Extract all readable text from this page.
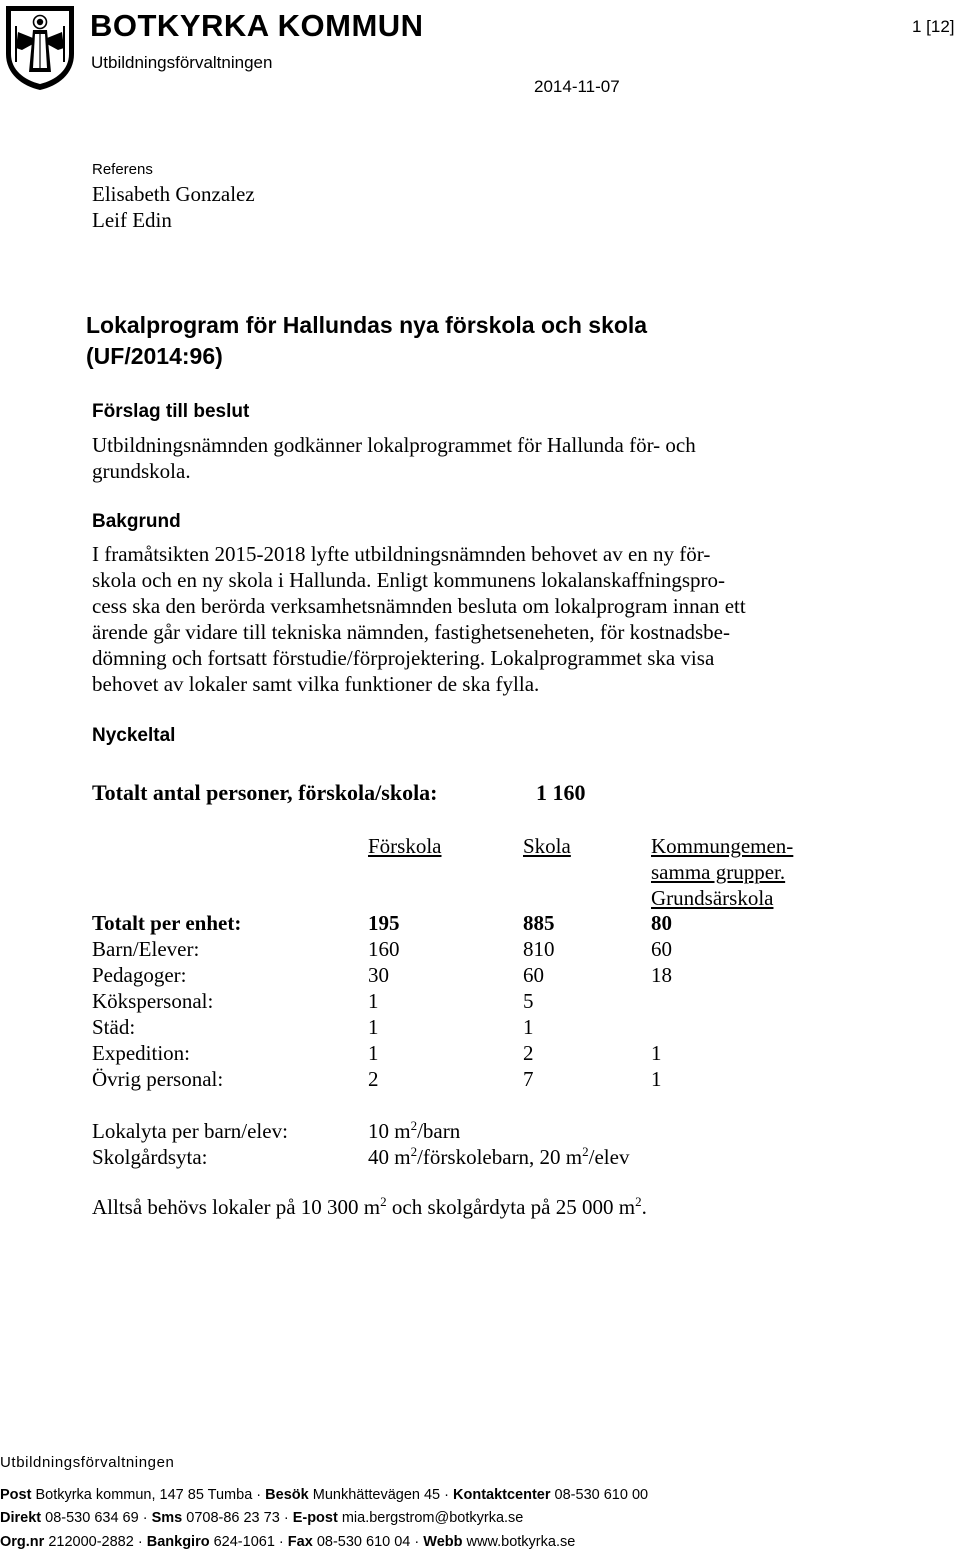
BOTKYRKA KOMMUN
Utbildningsförvaltningen
1 [12]
2014-11-07
Referens
Elisabeth Gonzalez
Leif Edin
Lokalprogram för Hallundas nya förskola och skola
(UF/2014:96)
Förslag till beslut
Utbildningsnämnden godkänner lokalprogrammet för Hallunda för- och
grundskola.
Bakgrund
I framåtsikten 2015-2018 lyfte utbildningsnämnden behovet av en ny för-
skola och en ny skola i Hallunda. Enligt kommunens lokalanskaffningspro-
cess ska den berörda verksamhetsnämnden besluta om lokalprogram innan ett
ärende går vidare till tekniska nämnden, fastighetseneheten, för kostnadsbe-
dömning och fortsatt förstudie/förprojektering. Lokalprogrammet ska visa
behovet av lokaler samt vilka funktioner de ska fylla.
Nyckeltal
Totalt antal personer, förskola/skola:	1 160
Förskola	Skola	Kommungemen-
samma grupper.
Grundsärskola
Totalt per enhet:	195	885	80
Barn/Elever:	160	810	60
Pedagoger:	30	60	18
Kökspersonal:	1	5
Städ:	1	1
Expedition:	1	2	1
Övrig personal:	2	7	1
Lokalyta per barn/elev:	10 $m^2$/barn
Skolgårdsyta:	40 $m^2$/förskolebarn, 20 $m^2$/elev
Alltså behövs lokaler på 10 300 $m^2$ och skolgårdyta på 25 000 $m^2$.
Utbildningsförvaltningen
Post Botkyrka kommun, 147 85 Tumba · Besök Munkhättevägen 45 · Kontaktcenter 08-530 610 00
Direkt 08-530 634 69 · Sms 0708-86 23 73 · E-post mia.bergstrom@botkyrka.se
Org.nr 212000-2882 · Bankgiro 624-1061 · Fax 08-530 610 04 · Webb www.botkyrka.se
